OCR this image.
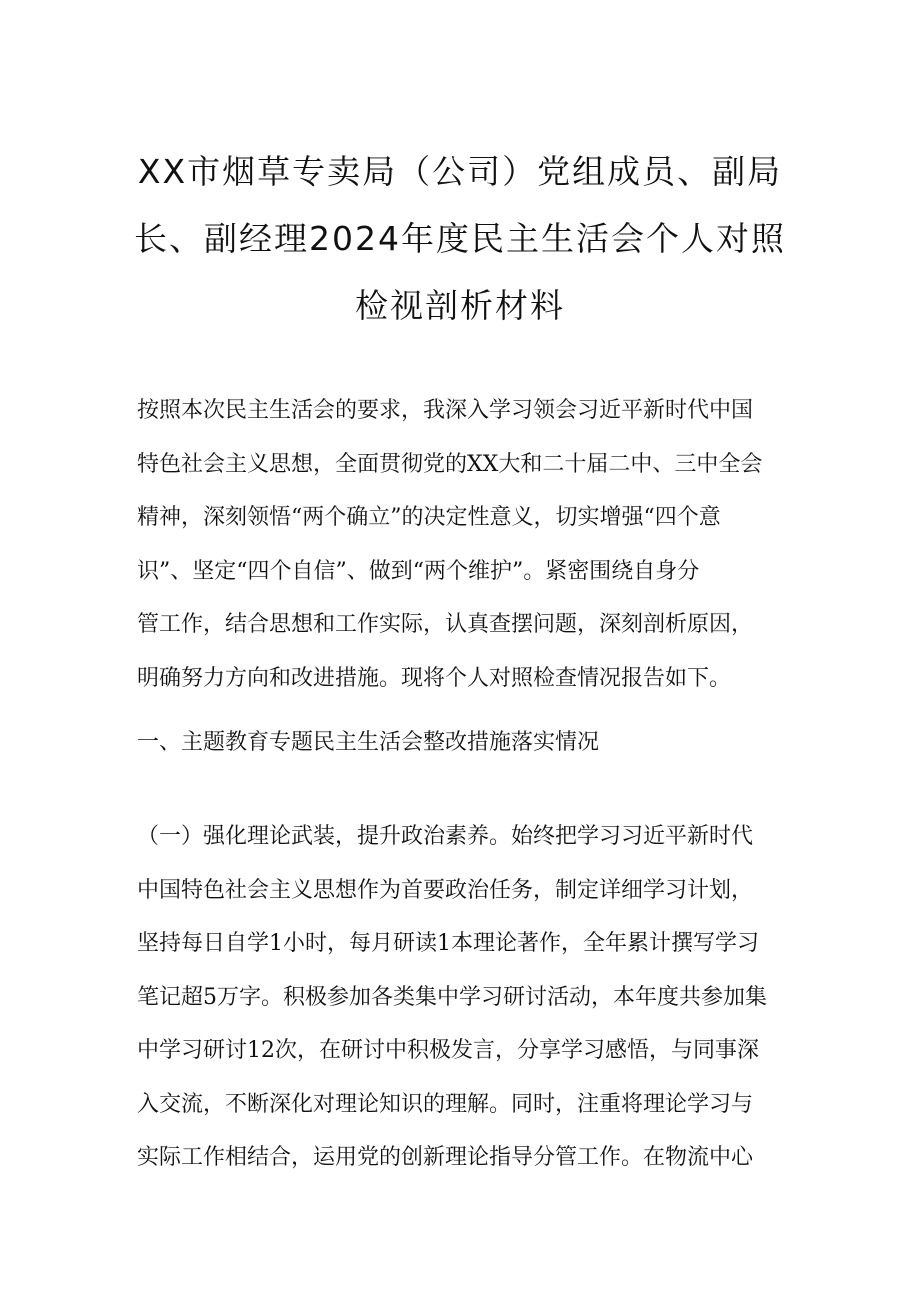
XX市烟草专卖局（公司）党组成员、副局
长、副经理2024年度民主生活会个人对照
检视剖析材料
按照本次民主生活会的要求，我深入学习领会习近平新时代中国
特色社会主义思想，全面贯彻党的XX大和二十届二中、三中全会
精神，深刻领悟“两个确立”的决定性意义，切实增强“四个意
识”、坚定“四个自信”、做到“两个维护”。紧密围绕自身分
管工作，结合思想和工作实际，认真查摆问题，深刻剖析原因，
明确努力方向和改进措施。现将个人对照检查情况报告如下。
一、主题教育专题民主生活会整改措施落实情况
（一）强化理论武装，提升政治素养。始终把学习习近平新时代
中国特色社会主义思想作为首要政治任务，制定详细学习计划，
坚持每日自学1小时，每月研读1本理论著作，全年累计撰写学习
笔记超5万字。积极参加各类集中学习研讨活动，本年度共参加集
中学习研讨12次，在研讨中积极发言，分享学习感悟，与同事深
入交流，不断深化对理论知识的理解。同时，注重将理论学习与
实际工作相结合，运用党的创新理论指导分管工作。在物流中心
